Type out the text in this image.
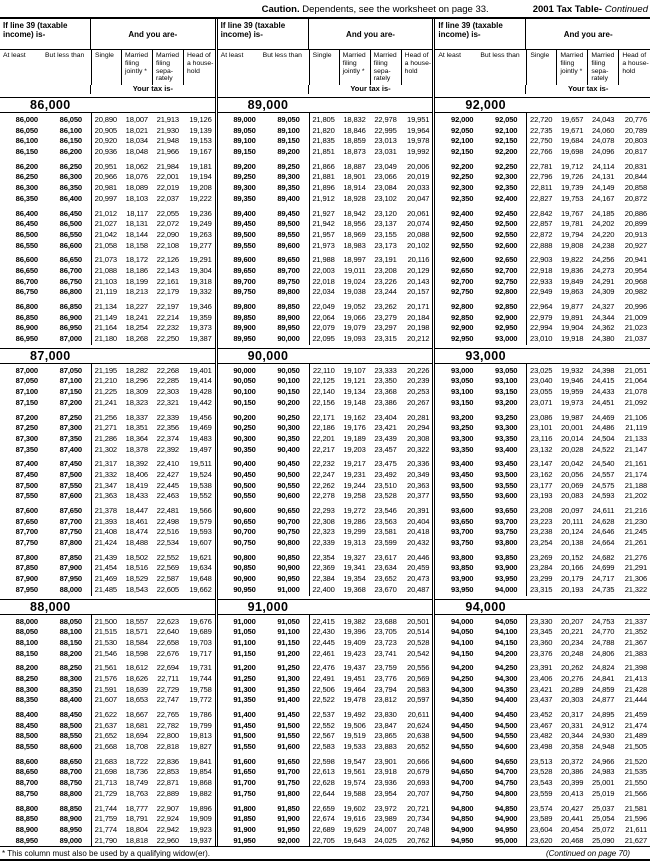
Caution. Dependents, see the worksheet on page 33.	2001 Tax Table- Continued
If line 39 (taxable income) is-	And you are-
At least	But less than	Single	Married filing jointly *
Married filing sepa- rately
Head of a house- hold
Your tax is-
86,000
86,000	86,050	20,890	18,007	21,913	19,126
86,050	86,100	20,905	18,021	21,930	19,139
86,100	86,150	20,920	18,034	21,948	19,153
86,150	86,200	20,936	18,048	21,966	19,167
86,200	86,250	20,951	18,062	21,984	19,181
86,250	86,300	20,966	18,076	22,001	19,194
86,300	86,350	20,981	18,089	22,019	19,208
86,350	86,400	20,997	18,103	22,037	19,222
86,400	86,450	21,012	18,117	22,055	19,236
86,450	86,500	21,027	18,131	22,072	19,249
86,500	86,550	21,042	18,144	22,090	19,263
86,550	86,600	21,058	18,158	22,108	19,277
86,600	86,650	21,073	18,172	22,126	19,291
86,650	86,700	21,088	18,186	22,143	19,304
86,700	86,750	21,103	18,199	22,161	19,318
86,750	86,800	21,119	18,213	22,179	19,332
86,800	86,850	21,134	18,227	22,197	19,346
86,850	86,900	21,149	18,241	22,214	19,359
86,900	86,950	21,164	18,254	22,232	19,373
86,950	87,000	21,180	18,268	22,250	19,387
87,000
87,000	87,050	21,195	18,282	22,268	19,401
87,050	87,100	21,210	18,296	22,285	19,414
87,100	87,150	21,225	18,309	22,303	19,428
87,150	87,200	21,241	18,323	22,321	19,442
87,200	87,250	21,256	18,337	22,339	19,456
87,250	87,300	21,271	18,351	22,356	19,469
87,300	87,350	21,286	18,364	22,374	19,483
87,350	87,400	21,302	18,378	22,392	19,497
87,400	87,450	21,317	18,392	22,410	19,511
87,450	87,500	21,332	18,406	22,427	19,524
87,500	87,550	21,347	18,419	22,445	19,538
87,550	87,600	21,363	18,433	22,463	19,552
87,600	87,650	21,378	18,447	22,481	19,566
87,650	87,700	21,393	18,461	22,498	19,579
87,700	87,750	21,408	18,474	22,516	19,593
87,750	87,800	21,424	18,488	22,534	19,607
87,800	87,850	21,439	18,502	22,552	19,621
87,850	87,900	21,454	18,516	22,569	19,634
87,900	87,950	21,469	18,529	22,587	19,648
87,950	88,000	21,485	18,543	22,605	19,662
88,000
88,000	88,050	21,500	18,557	22,623	19,676
88,050	88,100	21,515	18,571	22,640	19,689
88,100	88,150	21,530	18,584	22,658	19,703
88,150	88,200	21,546	18,598	22,676	19,717
88,200	88,250	21,561	18,612	22,694	19,731
88,250	88,300	21,576	18,626	22,711	19,744
88,300	88,350	21,591	18,639	22,729	19,758
88,350	88,400	21,607	18,653	22,747	19,772
88,400	88,450	21,622	18,667	22,765	19,786
88,450	88,500	21,637	18,681	22,782	19,799
88,500	88,550	21,652	18,694	22,800	19,813
88,550	88,600	21,668	18,708	22,818	19,827
88,600	88,650	21,683	18,722	22,836	19,841
88,650	88,700	21,698	18,736	22,853	19,854
88,700	88,750	21,713	18,749	22,871	19,868
88,750	88,800	21,729	18,763	22,889	19,882
88,800	88,850	21,744	18,777	22,907	19,896
88,850	88,900	21,759	18,791	22,924	19,909
88,900	88,950	21,774	18,804	22,942	19,923
88,950	89,000	21,790	18,818	22,960	19,937
If line 39 (taxable income) is-	And you are-
At least	But less than	Single	Married filing jointly *
Married filing sepa- rately
Head of a house- hold
Your tax is-
89,000
89,000	89,050	21,805	18,832	22,978	19,951
89,050	89,100	21,820	18,846	22,995	19,964
89,100	89,150	21,835	18,859	23,013	19,978
89,150	89,200	21,851	18,873	23,031	19,992
89,200	89,250	21,866	18,887	23,049	20,006
89,250	89,300	21,881	18,901	23,066	20,019
89,300	89,350	21,896	18,914	23,084	20,033
89,350	89,400	21,912	18,928	23,102	20,047
89,400	89,450	21,927	18,942	23,120	20,061
89,450	89,500	21,942	18,956	23,137	20,074
89,500	89,550	21,957	18,969	23,155	20,088
89,550	89,600	21,973	18,983	23,173	20,102
89,600	89,650	21,988	18,997	23,191	20,116
89,650	89,700	22,003	19,011	23,208	20,129
89,700	89,750	22,018	19,024	23,226	20,143
89,750	89,800	22,034	19,038	23,244	20,157
89,800	89,850	22,049	19,052	23,262	20,171
89,850	89,900	22,064	19,066	23,279	20,184
89,900	89,950	22,079	19,079	23,297	20,198
89,950	90,000	22,095	19,093	23,315	20,212
90,000
90,000	90,050	22,110	19,107	23,333	20,226
90,050	90,100	22,125	19,121	23,350	20,239
90,100	90,150	22,140	19,134	23,368	20,253
90,150	90,200	22,156	19,148	23,386	20,267
90,200	90,250	22,171	19,162	23,404	20,281
90,250	90,300	22,186	19,176	23,421	20,294
90,300	90,350	22,201	19,189	23,439	20,308
90,350	90,400	22,217	19,203	23,457	20,322
90,400	90,450	22,232	19,217	23,475	20,336
90,450	90,500	22,247	19,231	23,492	20,349
90,500	90,550	22,262	19,244	23,510	20,363
90,550	90,600	22,278	19,258	23,528	20,377
90,600	90,650	22,293	19,272	23,546	20,391
90,650	90,700	22,308	19,286	23,563	20,404
90,700	90,750	22,323	19,299	23,581	20,418
90,750	90,800	22,339	19,313	23,599	20,432
90,800	90,850	22,354	19,327	23,617	20,446
90,850	90,900	22,369	19,341	23,634	20,459
90,900	90,950	22,384	19,354	23,652	20,473
90,950	91,000	22,400	19,368	23,670	20,487
91,000
91,000	91,050	22,415	19,382	23,688	20,501
91,050	91,100	22,430	19,396	23,705	20,514
91,100	91,150	22,445	19,409	23,723	20,528
91,150	91,200	22,461	19,423	23,741	20,542
91,200	91,250	22,476	19,437	23,759	20,556
91,250	91,300	22,491	19,451	23,776	20,569
91,300	91,350	22,506	19,464	23,794	20,583
91,350	91,400	22,522	19,478	23,812	20,597
91,400	91,450	22,537	19,492	23,830	20,611
91,450	91,500	22,552	19,506	23,847	20,624
91,500	91,550	22,567	19,519	23,865	20,638
91,550	91,600	22,583	19,533	23,883	20,652
91,600	91,650	22,598	19,547	23,901	20,666
91,650	91,700	22,613	19,561	23,918	20,679
91,700	91,750	22,628	19,574	23,936	20,693
91,750	91,800	22,644	19,588	23,954	20,707
91,800	91,850	22,659	19,602	23,972	20,721
91,850	91,900	22,674	19,616	23,989	20,734
91,900	91,950	22,689	19,629	24,007	20,748
91,950	92,000	22,705	19,643	24,025	20,762
If line 39 (taxable income) is-	And you are-
At least	But less than	Single	Married filing jointly *
Married filing sepa- rately
Head of a house- hold
Your tax is-
92,000
92,000	92,050	22,720	19,657	24,043	20,776
92,050	92,100	22,735	19,671	24,060	20,789
92,100	92,150	22,750	19,684	24,078	20,803
92,150	92,200	22,766	19,698	24,096	20,817
92,200	92,250	22,781	19,712	24,114	20,831
92,250	92,300	22,796	19,726	24,131	20,844
92,300	92,350	22,811	19,739	24,149	20,858
92,350	92,400	22,827	19,753	24,167	20,872
92,400	92,450	22,842	19,767	24,185	20,886
92,450	92,500	22,857	19,781	24,202	20,899
92,500	92,550	22,872	19,794	24,220	20,913
92,550	92,600	22,888	19,808	24,238	20,927
92,600	92,650	22,903	19,822	24,256	20,941
92,650	92,700	22,918	19,836	24,273	20,954
92,700	92,750	22,933	19,849	24,291	20,968
92,750	92,800	22,949	19,863	24,309	20,982
92,800	92,850	22,964	19,877	24,327	20,996
92,850	92,900	22,979	19,891	24,344	21,009
92,900	92,950	22,994	19,904	24,362	21,023
92,950	93,000	23,010	19,918	24,380	21,037
93,000
93,000	93,050	23,025	19,932	24,398	21,051
93,050	93,100	23,040	19,946	24,415	21,064
93,100	93,150	23,055	19,959	24,433	21,078
93,150	93,200	23,071	19,973	24,451	21,092
93,200	93,250	23,086	19,987	24,469	21,106
93,250	93,300	23,101	20,001	24,486	21,119
93,300	93,350	23,116	20,014	24,504	21,133
93,350	93,400	23,132	20,028	24,522	21,147
93,400	93,450	23,147	20,042	24,540	21,161
93,450	93,500	23,162	20,056	24,557	21,174
93,500	93,550	23,177	20,069	24,575	21,188
93,550	93,600	23,193	20,083	24,593	21,202
93,600	93,650	23,208	20,097	24,611	21,216
93,650	93,700	23,223	20,111	24,628	21,230
93,700	93,750	23,238	20,124	24,646	21,245
93,750	93,800	23,254	20,138	24,664	21,261
93,800	93,850	23,269	20,152	24,682	21,276
93,850	93,900	23,284	20,166	24,699	21,291
93,900	93,950	23,299	20,179	24,717	21,306
93,950	94,000	23,315	20,193	24,735	21,322
94,000
94,000	94,050	23,330	20,207	24,753	21,337
94,050	94,100	23,345	20,221	24,770	21,352
94,100	94,150	23,360	20,234	24,788	21,367
94,150	94,200	23,376	20,248	24,806	21,383
94,200	94,250	23,391	20,262	24,824	21,398
94,250	94,300	23,406	20,276	24,841	21,413
94,300	94,350	23,421	20,289	24,859	21,428
94,350	94,400	23,437	20,303	24,877	21,444
94,400	94,450	23,452	20,317	24,895	21,459
94,450	94,500	23,467	20,331	24,912	21,474
94,500	94,550	23,482	20,344	24,930	21,489
94,550	94,600	23,498	20,358	24,948	21,505
94,600	94,650	23,513	20,372	24,966	21,520
94,650	94,700	23,528	20,386	24,983	21,535
94,700	94,750	23,543	20,399	25,001	21,550
94,750	94,800	23,559	20,413	25,019	21,566
94,800	94,850	23,574	20,427	25,037	21,581
94,850	94,900	23,589	20,441	25,054	21,596
94,900	94,950	23,604	20,454	25,072	21,611
94,950	95,000	23,620	20,468	25,090	21,627
* This column must also be used by a qualifying widow(er).	(Continued on page 70)
